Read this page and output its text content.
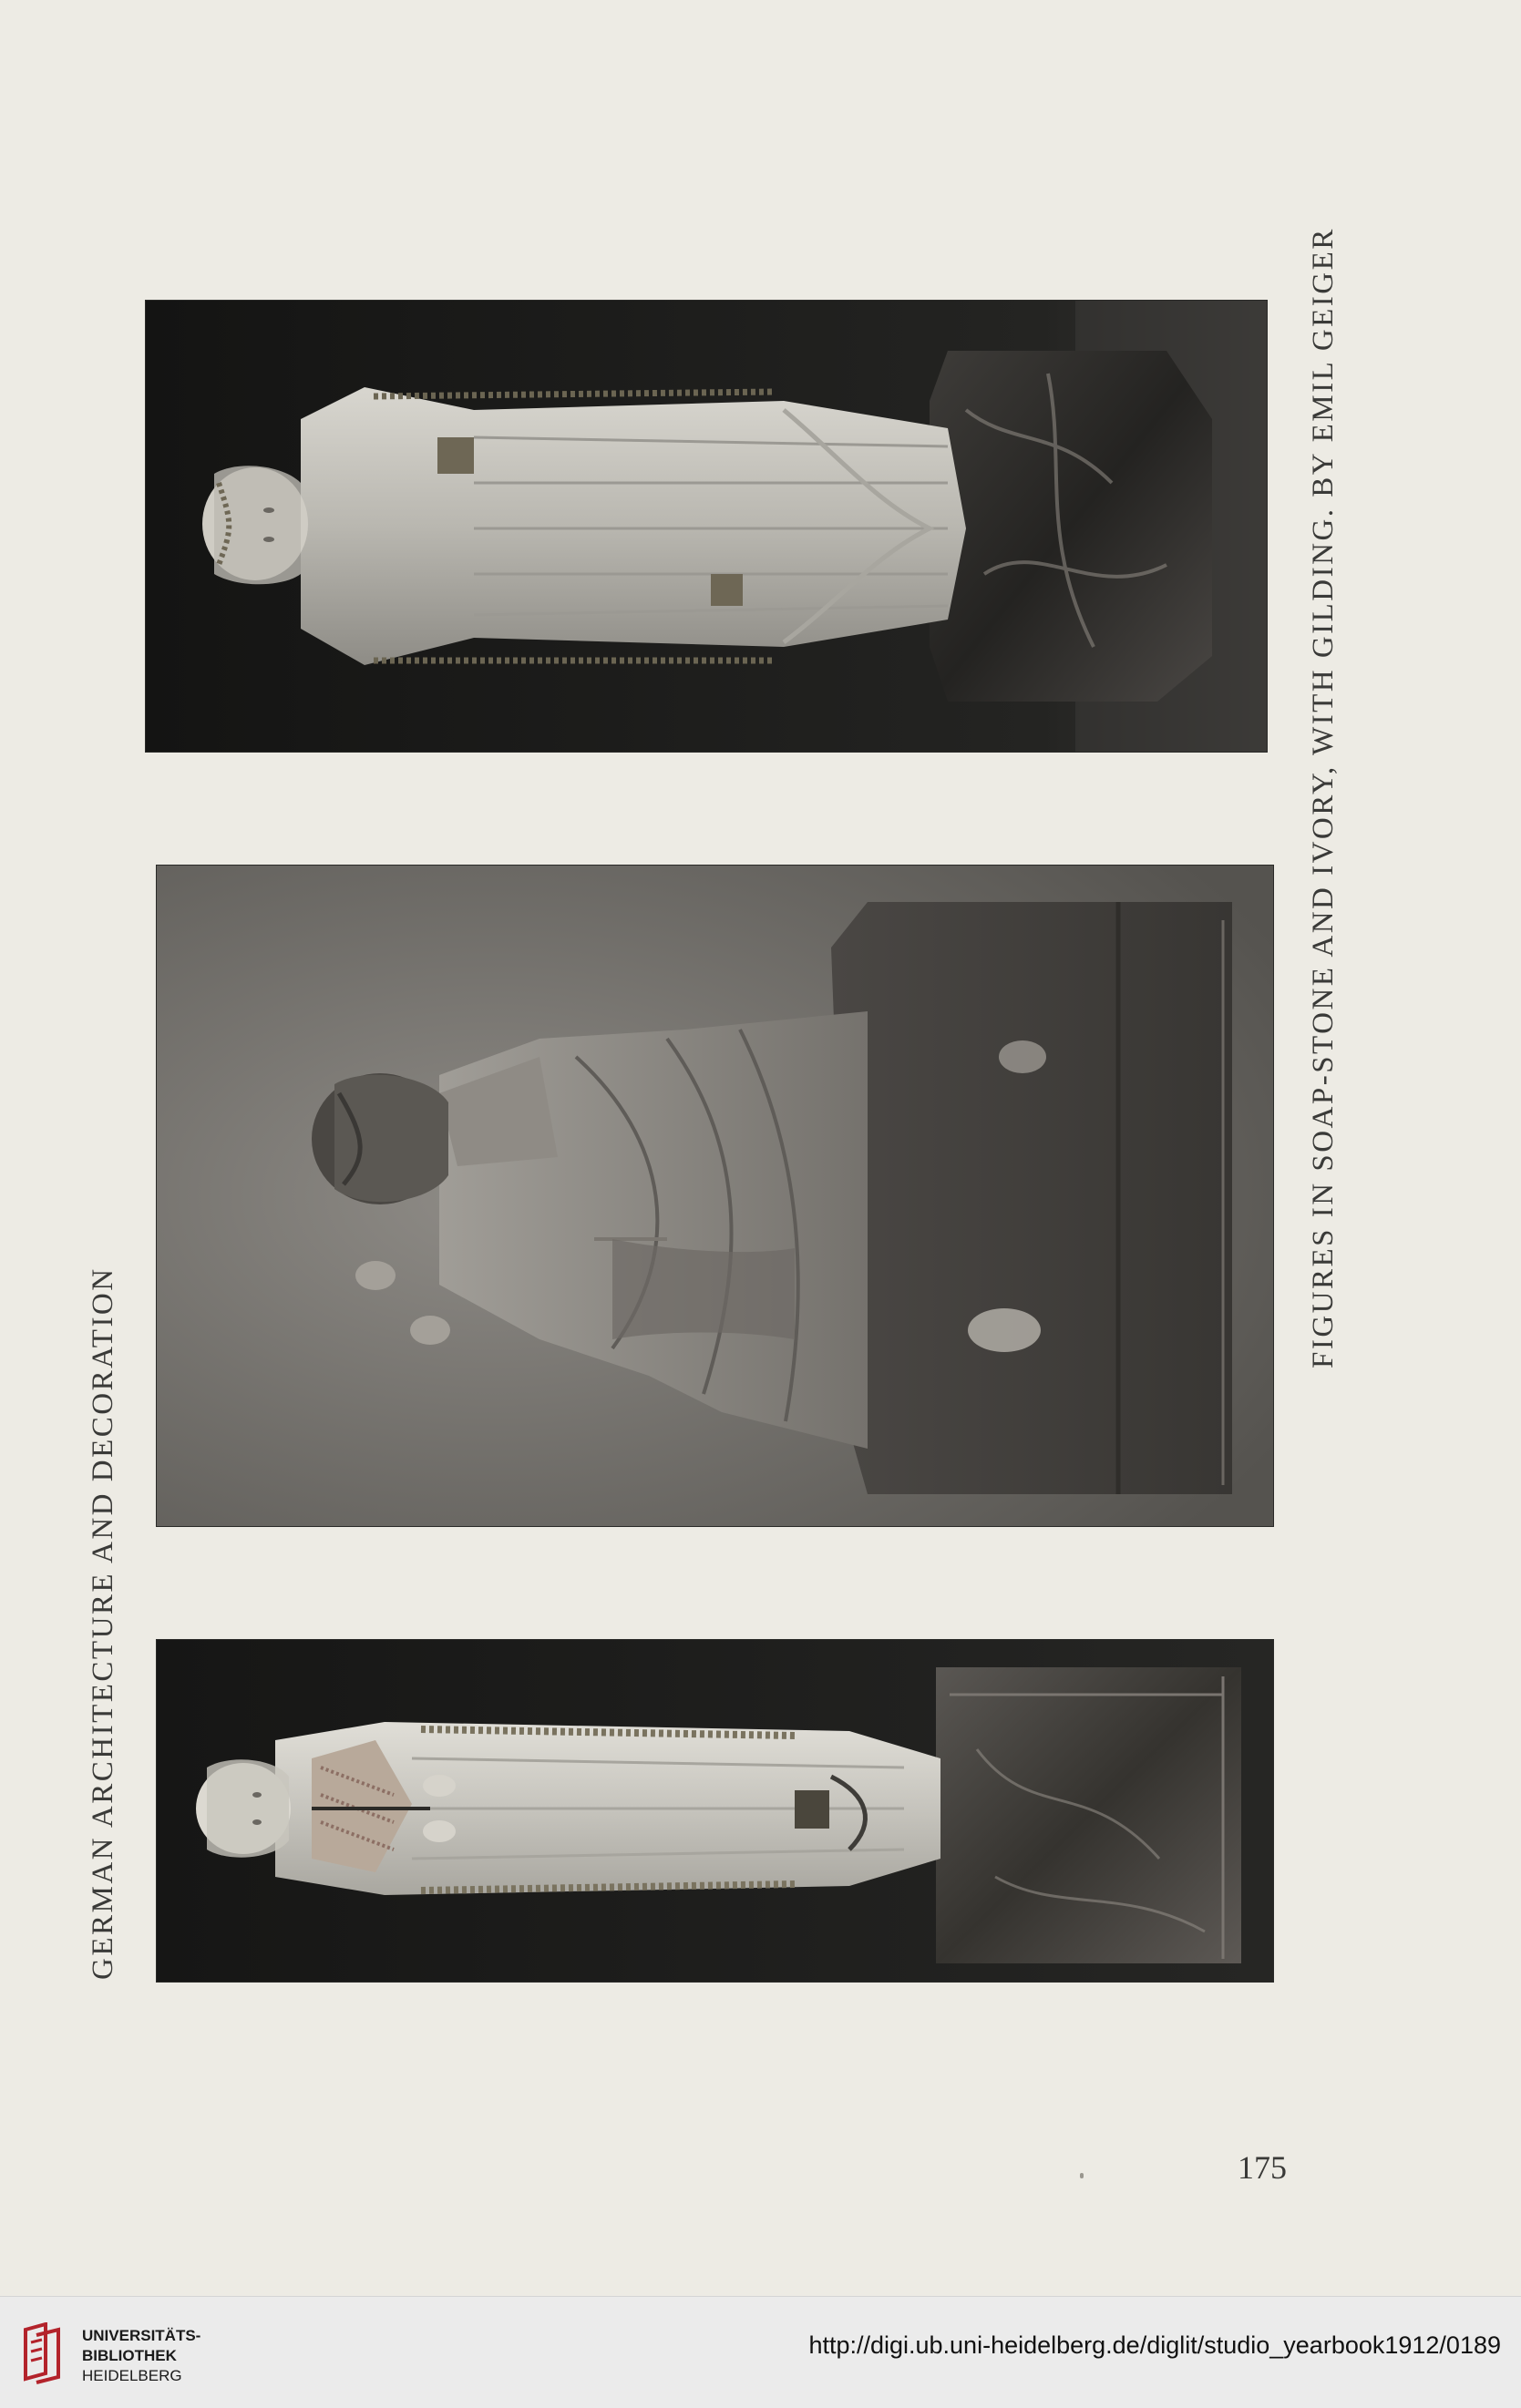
GERMAN ARCHITECTURE AND DECORATION
FIGURES IN SOAP-STONE AND IVORY, WITH GILDING. BY EMIL GEIGER
175
UNIVERSITÄTS-
BIBLIOTHEK
HEIDELBERG
http://digi.ub.uni-heidelberg.de/diglit/studio_yearbook1912/0189
